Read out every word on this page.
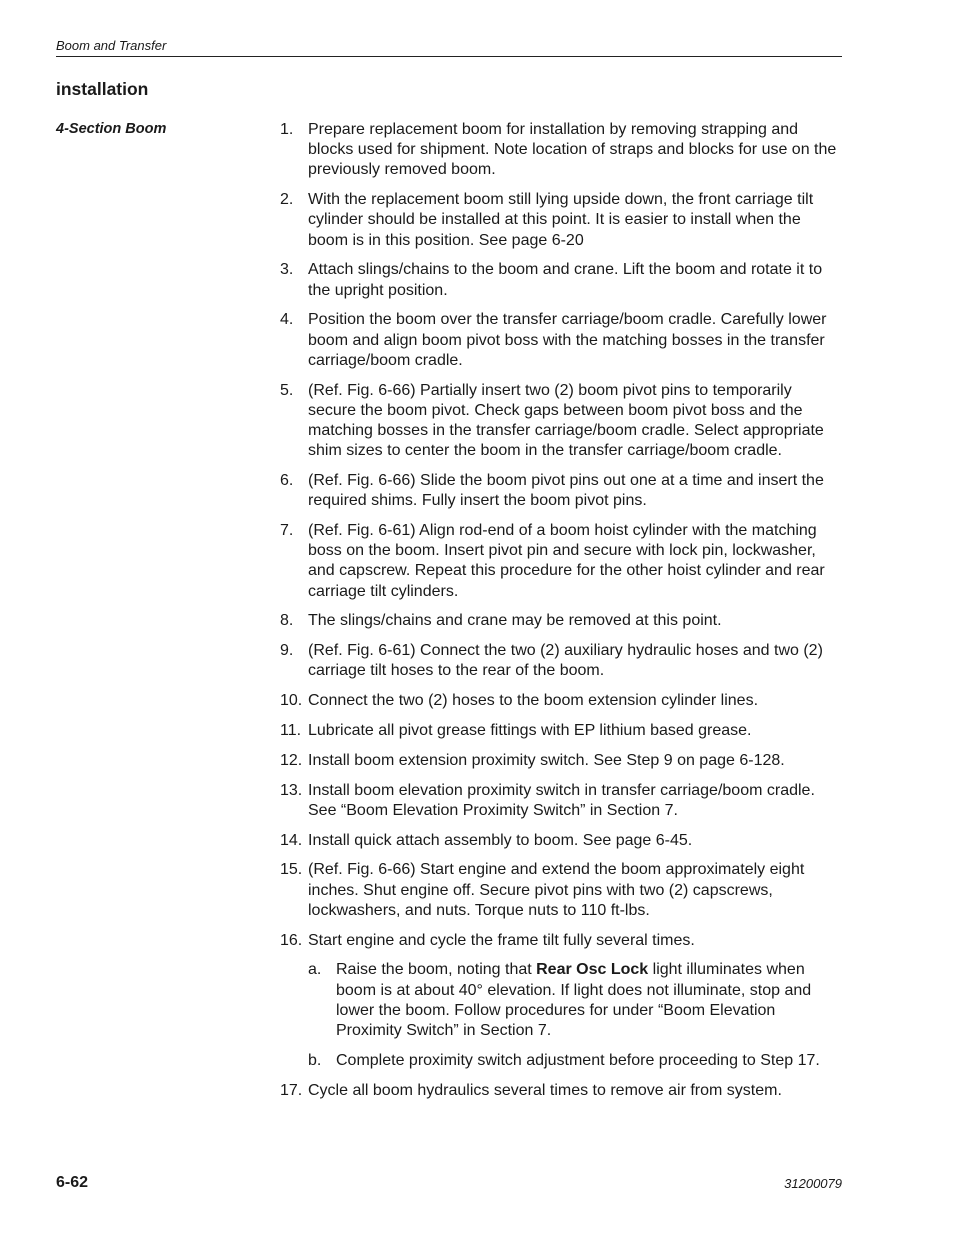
Boom and Transfer
installation
4-Section Boom	1. Prepare replacement boom for installation by removing strapping and blocks used for shipment. Note location of straps and blocks for use on the previously removed boom.
2. With the replacement boom still lying upside down, the front carriage tilt cylinder should be installed at this point. It is easier to install when the boom is in this position. See page 6-20
3. Attach slings/chains to the boom and crane. Lift the boom and rotate it to the upright position.
4. Position the boom over the transfer carriage/boom cradle. Carefully lower boom and align boom pivot boss with the matching bosses in the transfer carriage/boom cradle.
5. (Ref. Fig. 6-66) Partially insert two (2) boom pivot pins to temporarily secure the boom pivot. Check gaps between boom pivot boss and the matching bosses in the transfer carriage/boom cradle. Select appropriate shim sizes to center the boom in the transfer carriage/boom cradle.
6. (Ref. Fig. 6-66) Slide the boom pivot pins out one at a time and insert the required shims. Fully insert the boom pivot pins.
7. (Ref. Fig. 6-61) Align rod-end of a boom hoist cylinder with the matching boss on the boom. Insert pivot pin and secure with lock pin, lockwasher, and capscrew. Repeat this procedure for the other hoist cylinder and rear carriage tilt cylinders.
8. The slings/chains and crane may be removed at this point.
9. (Ref. Fig. 6-61) Connect the two (2) auxiliary hydraulic hoses and two (2) carriage tilt hoses to the rear of the boom.
10. Connect the two (2) hoses to the boom extension cylinder lines.
11. Lubricate all pivot grease fittings with EP lithium based grease.
12. Install boom extension proximity switch. See Step 9 on page 6-128.
13. Install boom elevation proximity switch in transfer carriage/boom cradle. See “Boom Elevation Proximity Switch” in Section 7.
14. Install quick attach assembly to boom. See page 6-45.
15. (Ref. Fig. 6-66) Start engine and extend the boom approximately eight inches. Shut engine off. Secure pivot pins with two (2) capscrews, lockwashers, and nuts. Torque nuts to 110 ft-lbs.
16. Start engine and cycle the frame tilt fully several times.
a. Raise the boom, noting that Rear Osc Lock light illuminates when boom is at about 40° elevation. If light does not illuminate, stop and lower the boom. Follow procedures for under “Boom Elevation Proximity Switch” in Section 7.
b. Complete proximity switch adjustment before proceeding to Step 17.
17. Cycle all boom hydraulics several times to remove air from system.
6-62	31200079
